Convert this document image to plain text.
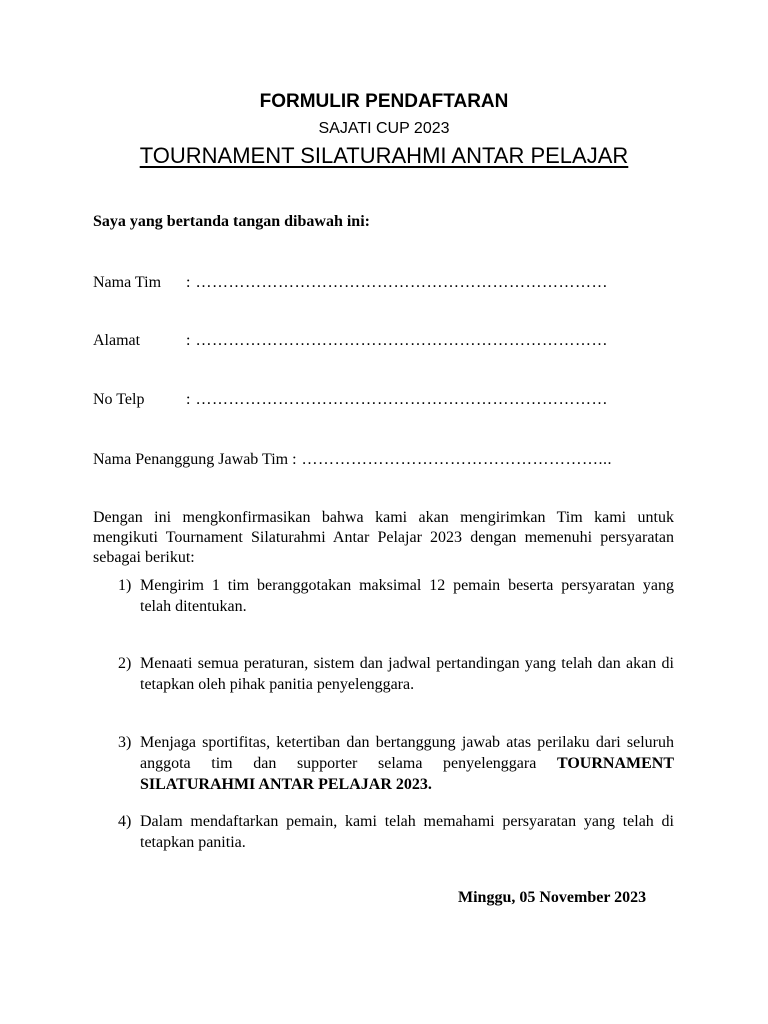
FORMULIR PENDAFTARAN
SAJATI CUP 2023
TOURNAMENT SILATURAHMI ANTAR PELAJAR
Saya yang bertanda tangan dibawah ini:
Nama Tim : …………………………………………………………………
Alamat	: …………………………………………………………………
No Telp	: …………………………………………………………………
Nama Penanggung Jawab Tim : ………………………………………………...
Dengan ini mengkonfirmasikan bahwa kami akan mengirimkan Tim kami untuk mengikuti Tournament Silaturahmi Antar Pelajar 2023 dengan memenuhi persyaratan sebagai berikut:
1) Mengirim 1 tim beranggotakan maksimal 12 pemain beserta persyaratan yang telah ditentukan.
2) Menaati semua peraturan, sistem dan jadwal pertandingan yang telah dan akan di tetapkan oleh pihak panitia penyelenggara.
3) Menjaga sportifitas, ketertiban dan bertanggung jawab atas perilaku dari seluruh anggota tim dan supporter selama penyelenggara TOURNAMENT SILATURAHMI ANTAR PELAJAR 2023.
4) Dalam mendaftarkan pemain, kami telah memahami persyaratan yang telah di tetapkan panitia.
Minggu, 05 November 2023
